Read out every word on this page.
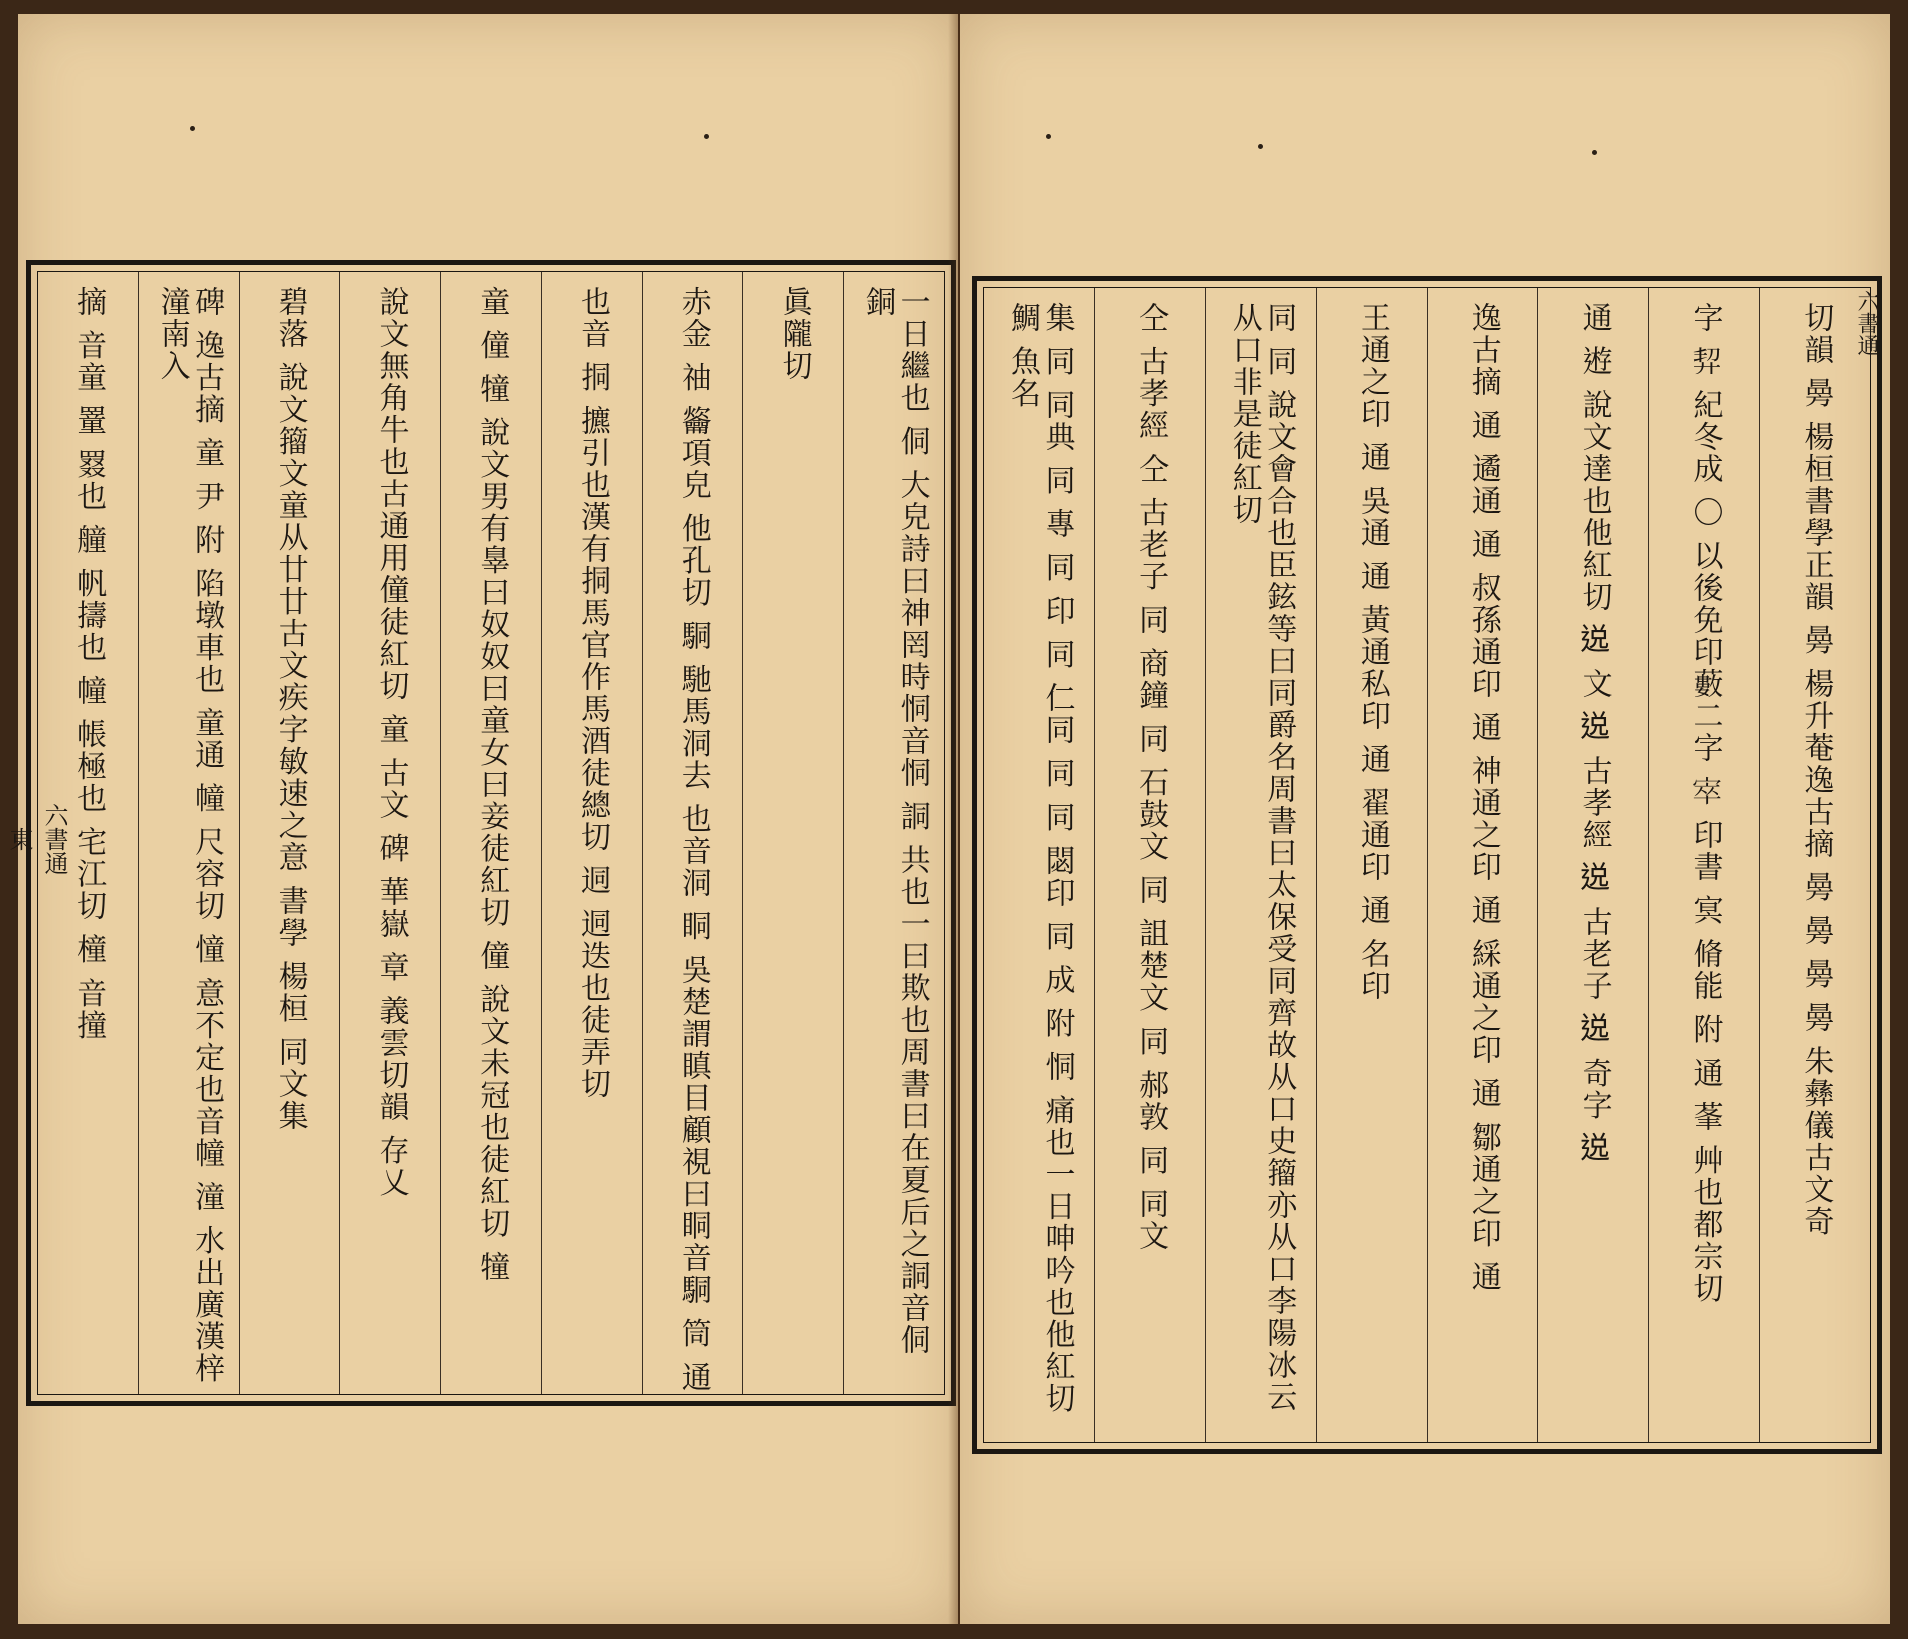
一日繼也 侗 大皃詩曰神罔時恫音恫 詷 共也一曰欺也周書曰在夏后之詷音侗 銅
眞隴切
赤金 䄂 䶴項皃 他孔切 駧 馳馬洞去 也音洞 眮 吳楚謂瞋目顧視曰眮音駧 筒 通
也音 挏 㩠引也漢有挏馬官作馬酒徒總切 迵 迵迭也徒弄切
童 僮 犝 說文男有辠曰奴奴曰童女曰妾徒紅切 僮 說文未冠也徒紅切 犝
說文無角牛也古通用僮徒紅切 童 古文 碑 華嶽 章 義雲切韻 存乂
碧落 說文籀文童从廿廿古文疾字敏速之意 書學 楊桓 同文集
碑 逸古摘 童 尹 附 陷墩車也 童通 幢 尺容切 憧 意不定也音幢 潼 水出廣漢梓潼南入
摘 音童 罿 罬也 艟 帆擣也 幢 帳極也 宅江切 橦 音撞
六書通
東	切韻 㬅 楊桓書學正韻 㬅 楊升菴逸古摘 㬅 㬅 㬅 㬅 朱彝儀古文奇
字 𢍆 紀冬成 〇 以後免印藪二字 𡨧 印書 㝠 脩能 附 通 莑 艸也都宗切
通 𨔼 說文達也他紅切 𨓚 文 𨓚 古孝經 𨓚 古老子 𨓚 奇字 𨓚
逸古摘 通 遹通 通 叔孫通印 通 神通之印 通 綵通之印 通 鄒通之印 通
王通之印 通 吳通 通 黃通私印 通 翟通印 通 名印
同 同 說文會合也臣鉉等曰同爵名周書曰太保受同齊故从口史籀亦从口李陽冰云从口非是徒紅切
仝 古孝經 仝 古老子 同 商鐘 同 石鼓文 同 詛楚文 同 郝敦 同 同文
集 同 同典 同 專 同 印 同 仁同 同 同 閟印 同 成 附 恫 痛也一日呻吟也他紅切 鯛 魚名	六書通
